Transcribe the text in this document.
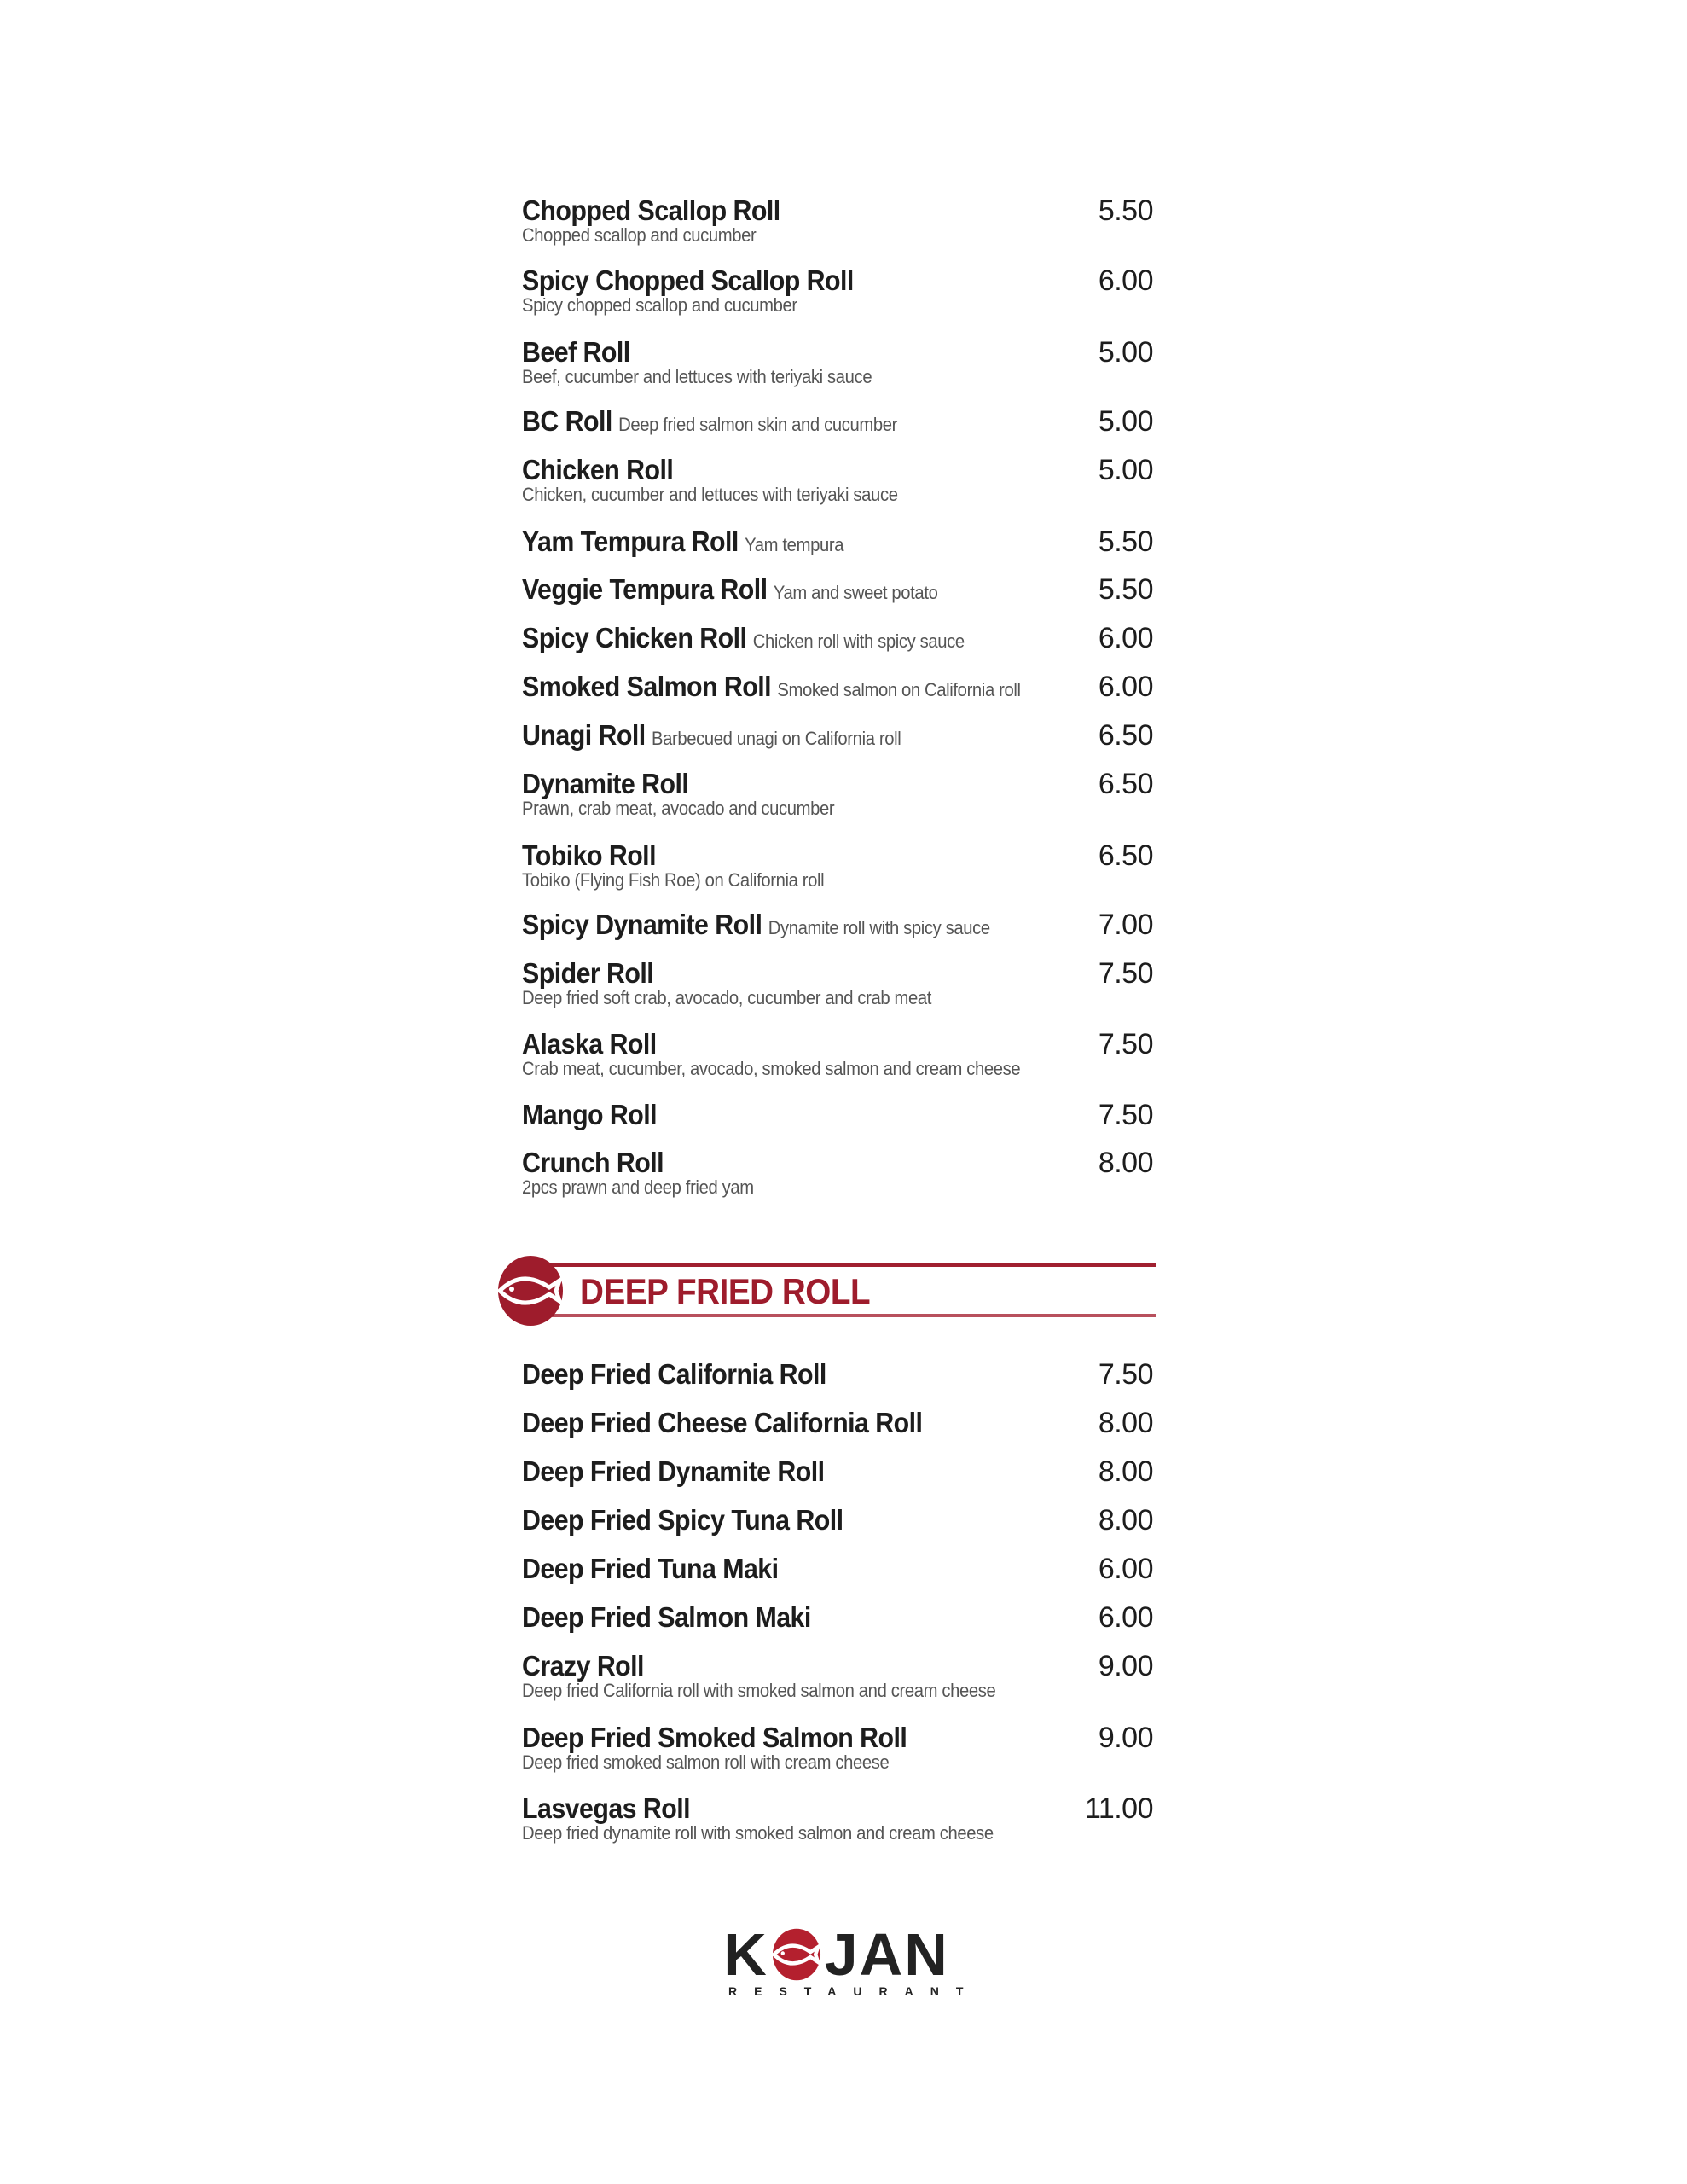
Chopped Scallop Roll	5.50
Chopped scallop and cucumber
Spicy Chopped Scallop Roll	6.00
Spicy chopped scallop and cucumber
Beef Roll	5.00
Beef, cucumber and lettuces with teriyaki sauce
BC Roll Deep fried salmon skin and cucumber	5.00
Chicken Roll	5.00
Chicken, cucumber and lettuces with teriyaki sauce
Yam Tempura Roll Yam tempura	5.50
Veggie Tempura Roll Yam and sweet potato	5.50
Spicy Chicken Roll Chicken roll with spicy sauce	6.00
Smoked Salmon Roll Smoked salmon on California roll	6.00
Unagi Roll Barbecued unagi on California roll	6.50
Dynamite Roll	6.50
Prawn, crab meat, avocado and cucumber
Tobiko Roll	6.50
Tobiko (Flying Fish Roe) on California roll
Spicy Dynamite Roll Dynamite roll with spicy sauce	7.00
Spider Roll	7.50
Deep fried soft crab, avocado, cucumber and crab meat
Alaska Roll	7.50
Crab meat, cucumber, avocado, smoked salmon and cream cheese
Mango Roll	7.50
Crunch Roll	8.00
2pcs prawn and deep fried yam
DEEP FRIED ROLL
Deep Fried California Roll	7.50
Deep Fried Cheese California Roll	8.00
Deep Fried Dynamite Roll	8.00
Deep Fried Spicy Tuna Roll	8.00
Deep Fried Tuna Maki	6.00
Deep Fried Salmon Maki	6.00
Crazy Roll	9.00
Deep fried California roll with smoked salmon and cream cheese
Deep Fried Smoked Salmon Roll	9.00
Deep fried smoked salmon roll with cream cheese
Lasvegas Roll	11.00
Deep fried dynamite roll with smoked salmon and cream cheese
K JAN
RESTAURANT
